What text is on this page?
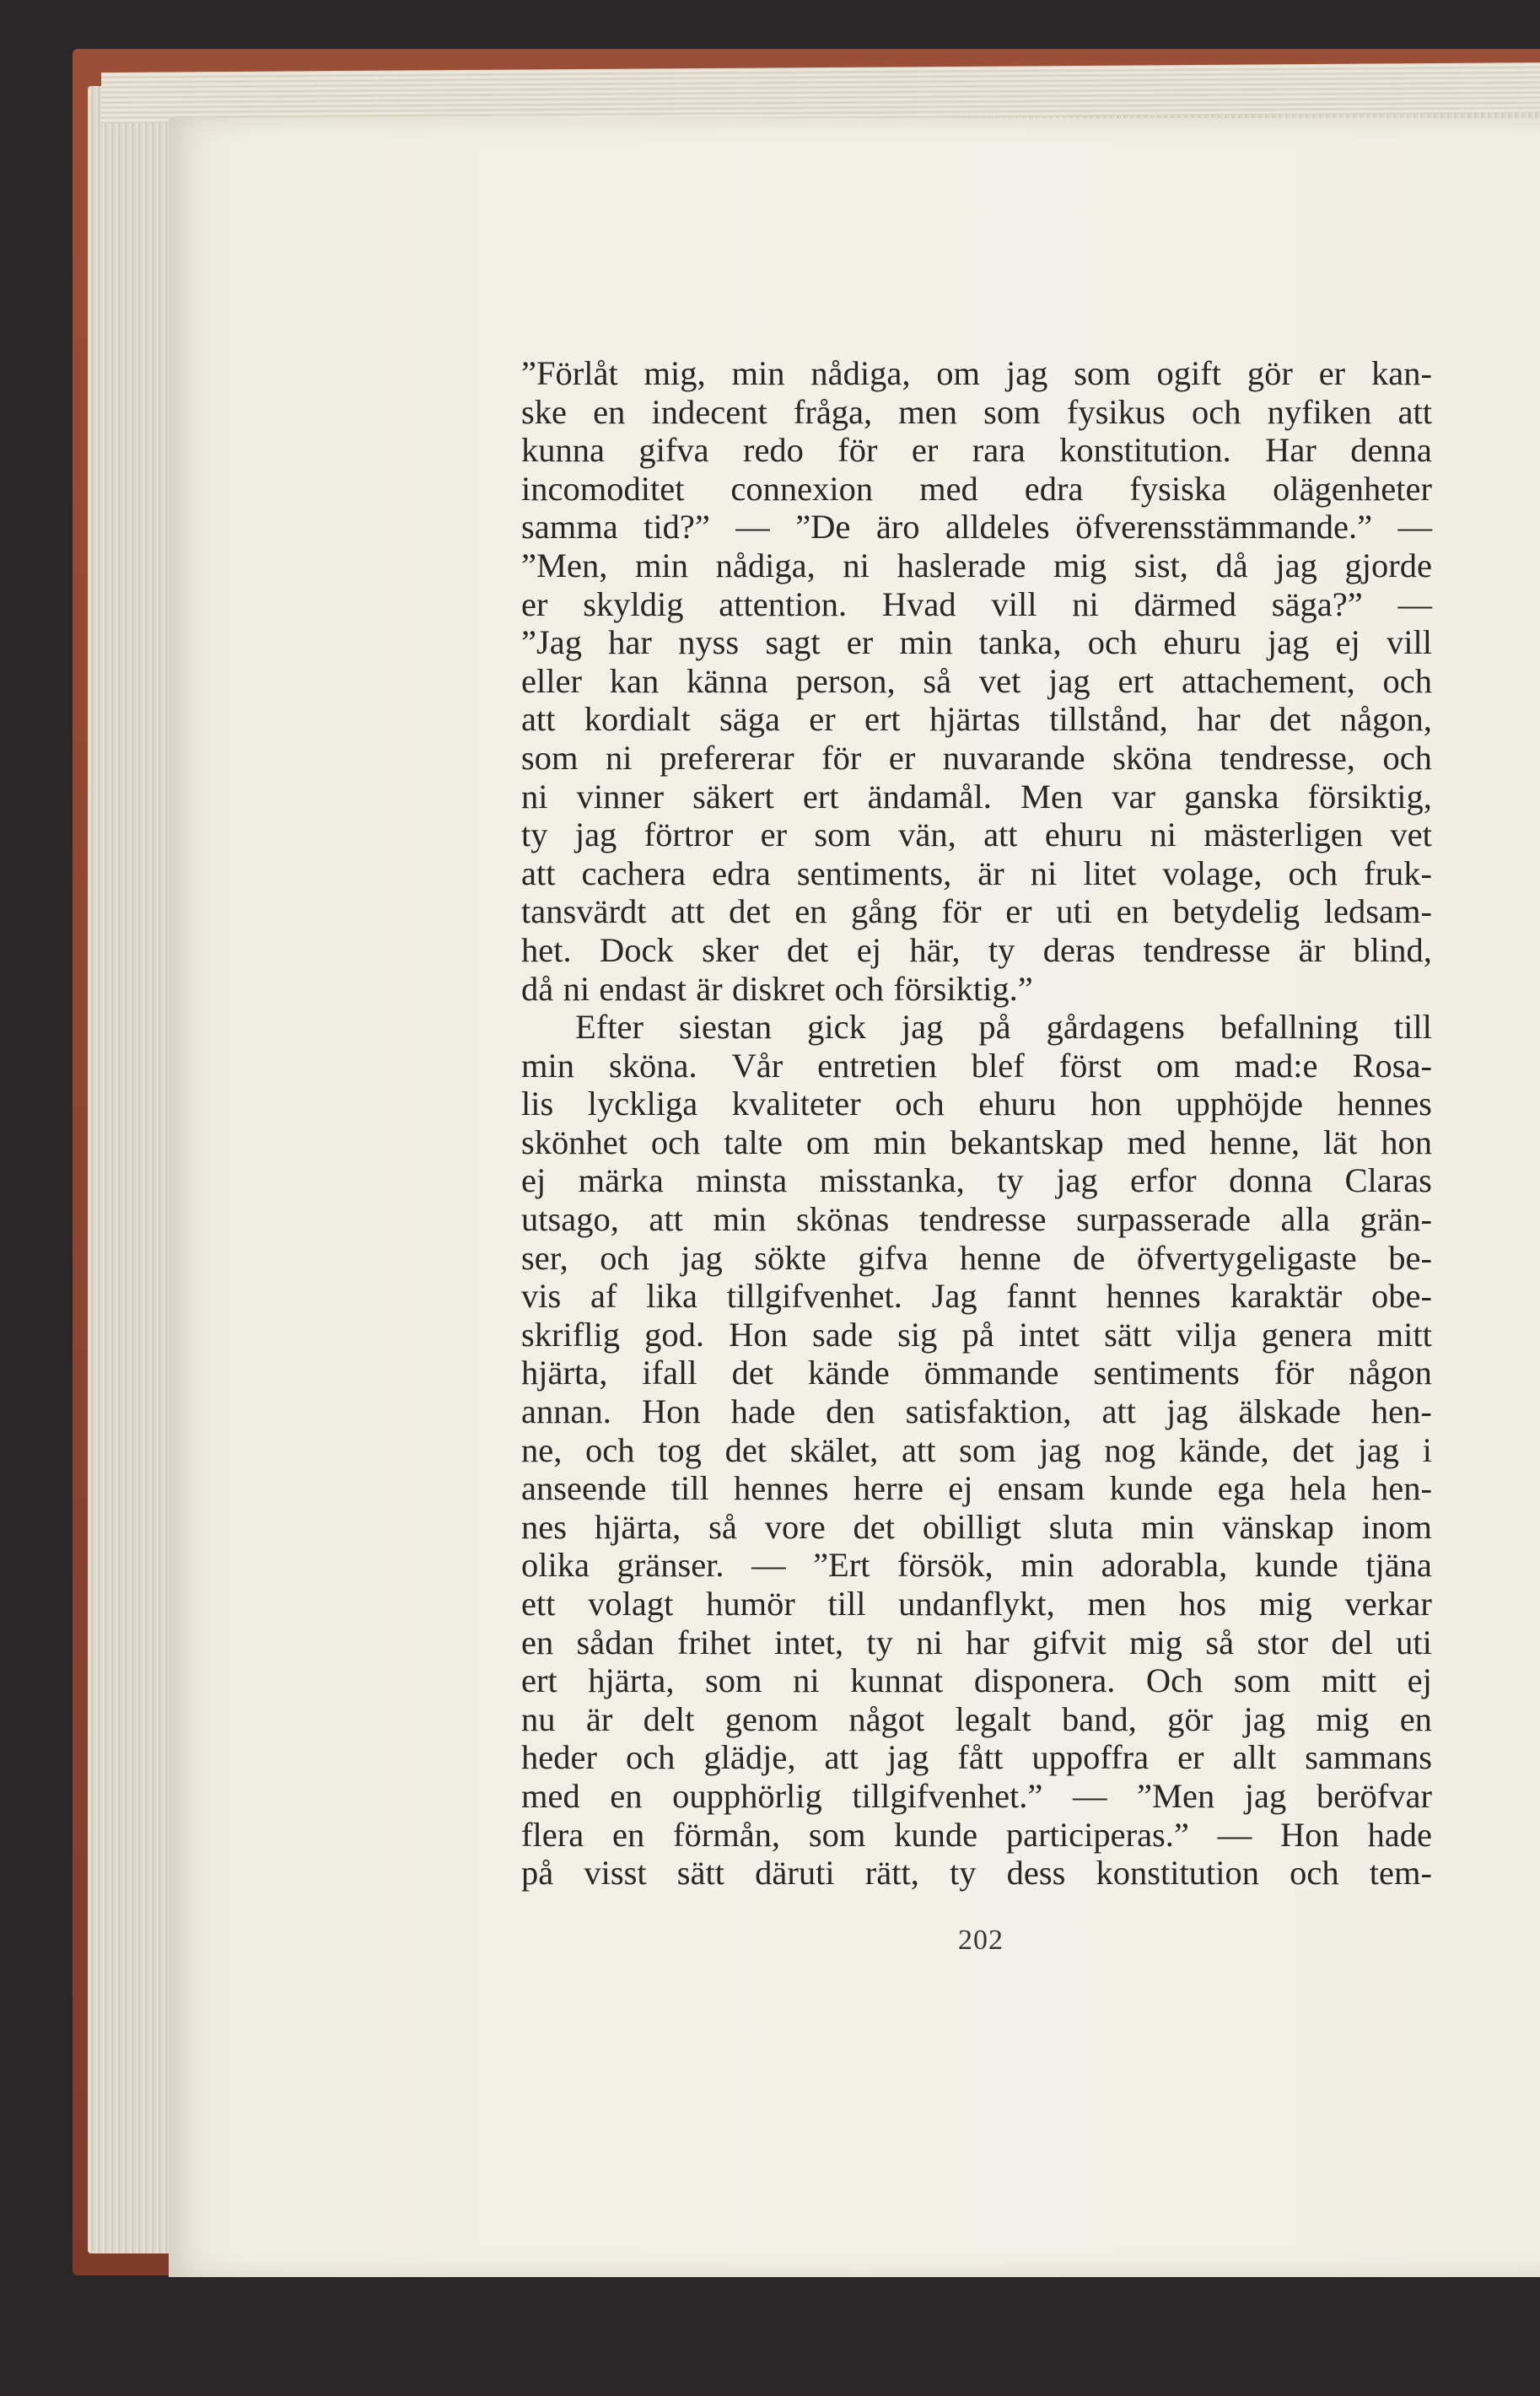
”Förlåt mig, min nådiga, om jag som ogift gör er kan-
ske en indecent fråga, men som fysikus och nyfiken att
kunna gifva redo för er rara konstitution. Har denna
incomoditet connexion med edra fysiska olägenheter
samma tid?” — ”De äro alldeles öfverensstämmande.” —
”Men, min nådiga, ni haslerade mig sist, då jag gjorde
er skyldig attention. Hvad vill ni därmed säga?” —
”Jag har nyss sagt er min tanka, och ehuru jag ej vill
eller kan känna person, så vet jag ert attachement, och
att kordialt säga er ert hjärtas tillstånd, har det någon,
som ni prefererar för er nuvarande sköna tendresse, och
ni vinner säkert ert ändamål. Men var ganska försiktig,
ty jag förtror er som vän, att ehuru ni mästerligen vet
att cachera edra sentiments, är ni litet volage, och fruk-
tansvärdt att det en gång för er uti en betydelig ledsam-
het. Dock sker det ej här, ty deras tendresse är blind,
då ni endast är diskret och försiktig.”
Efter siestan gick jag på gårdagens befallning till
min sköna. Vår entretien blef först om mad:e Rosa-
lis lyckliga kvaliteter och ehuru hon upphöjde hennes
skönhet och talte om min bekantskap med henne, lät hon
ej märka minsta misstanka, ty jag erfor donna Claras
utsago, att min skönas tendresse surpasserade alla grän-
ser, och jag sökte gifva henne de öfvertygeligaste be-
vis af lika tillgifvenhet. Jag fannt hennes karaktär obe-
skriflig god. Hon sade sig på intet sätt vilja genera mitt
hjärta, ifall det kände ömmande sentiments för någon
annan. Hon hade den satisfaktion, att jag älskade hen-
ne, och tog det skälet, att som jag nog kände, det jag i
anseende till hennes herre ej ensam kunde ega hela hen-
nes hjärta, så vore det obilligt sluta min vänskap inom
olika gränser. — ”Ert försök, min adorabla, kunde tjäna
ett volagt humör till undanflykt, men hos mig verkar
en sådan frihet intet, ty ni har gifvit mig så stor del uti
ert hjärta, som ni kunnat disponera. Och som mitt ej
nu är delt genom något legalt band, gör jag mig en
heder och glädje, att jag fått uppoffra er allt sammans
med en oupphörlig tillgifvenhet.” — ”Men jag beröfvar
flera en förmån, som kunde participeras.” — Hon hade
på visst sätt däruti rätt, ty dess konstitution och tem-
202
